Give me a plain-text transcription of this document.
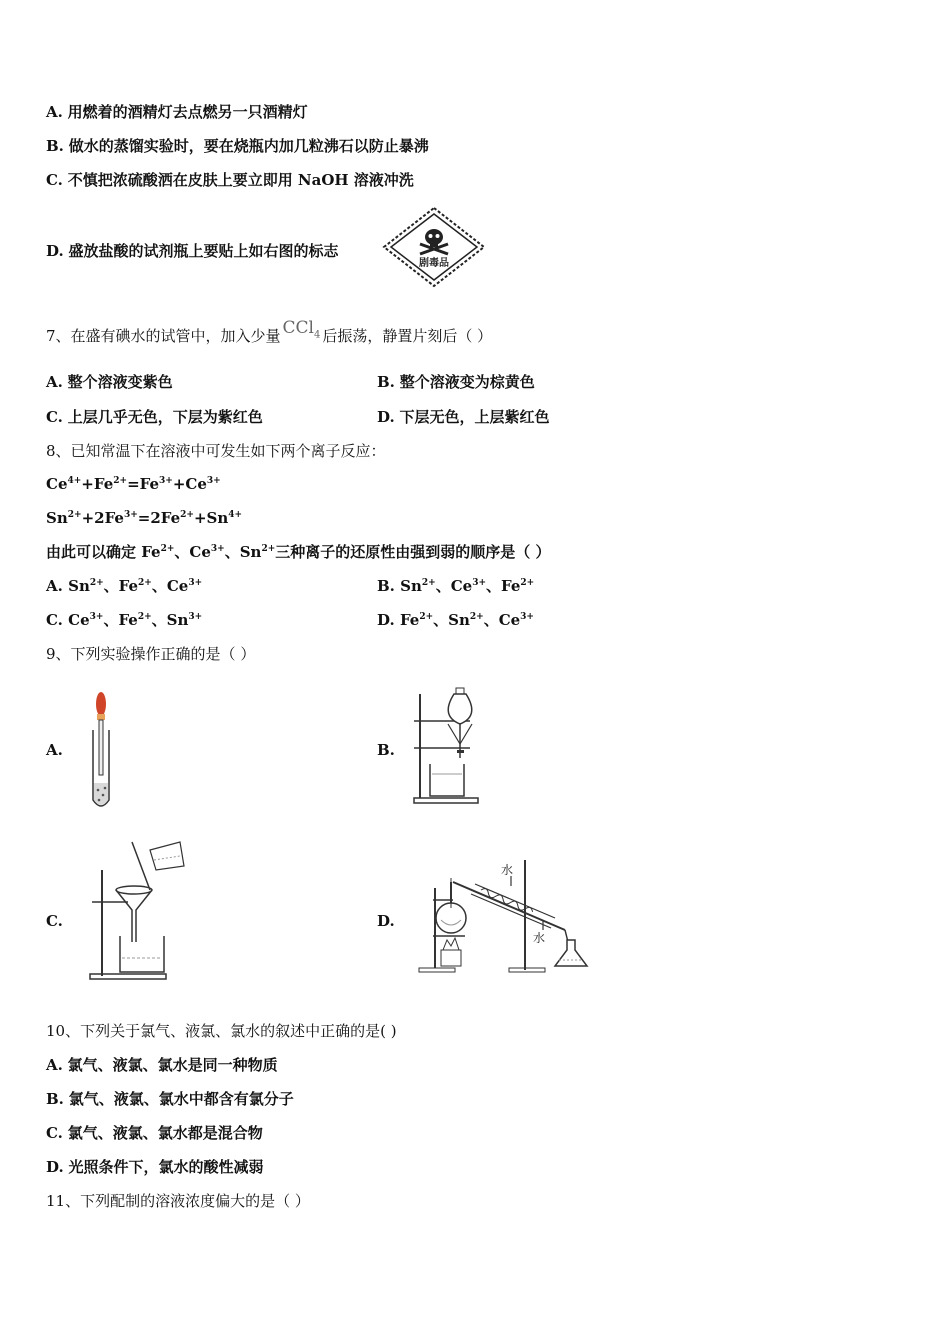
A. 用燃着的酒精灯去点燃另一只酒精灯
B. 做水的蒸馏实验时，要在烧瓶内加几粒沸石以防止暴沸
C. 不慎把浓硫酸洒在皮肤上要立即用 NaOH 溶液冲洗
D. 盛放盐酸的试剂瓶上要贴上如右图的标志
剧毒品
7、在盛有碘水的试管中，加入少量 CCl$_4$ 后振荡，静置片刻后（ ）
A. 整个溶液变紫色	B. 整个溶液变为棕黄色
C. 上层几乎无色，下层为紫红色	D. 下层无色，上层紫红色
8、已知常温下在溶液中可发生如下两个离子反应：
$Ce^{4+}+Fe^{2+}=Fe^{3+}+Ce^{3+}$
$Sn^{2+}+2Fe^{3+}=2Fe^{2+}+Sn^{4+}$
由此可以确定 $Fe^{2+}$、$Ce^{3+}$、$Sn^{2+}$三种离子的还原性由强到弱的顺序是（ ）
A. $Sn^{2+}$、$Fe^{2+}$、$Ce^{3+}$	B. $Sn^{2+}$、$Ce^{3+}$、$Fe^{2+}$
C. $Ce^{3+}$、$Fe^{2+}$、$Sn^{3+}$	D. $Fe^{2+}$、$Sn^{2+}$、$Ce^{3+}$
9、下列实验操作正确的是（ ）
A.	B.
C.	D.
水
水
10、下列关于氯气、液氯、氯水的叙述中正确的是( )
A. 氯气、液氯、氯水是同一种物质
B. 氯气、液氯、氯水中都含有氯分子
C. 氯气、液氯、氯水都是混合物
D. 光照条件下，氯水的酸性减弱
11、下列配制的溶液浓度偏大的是（ ）
